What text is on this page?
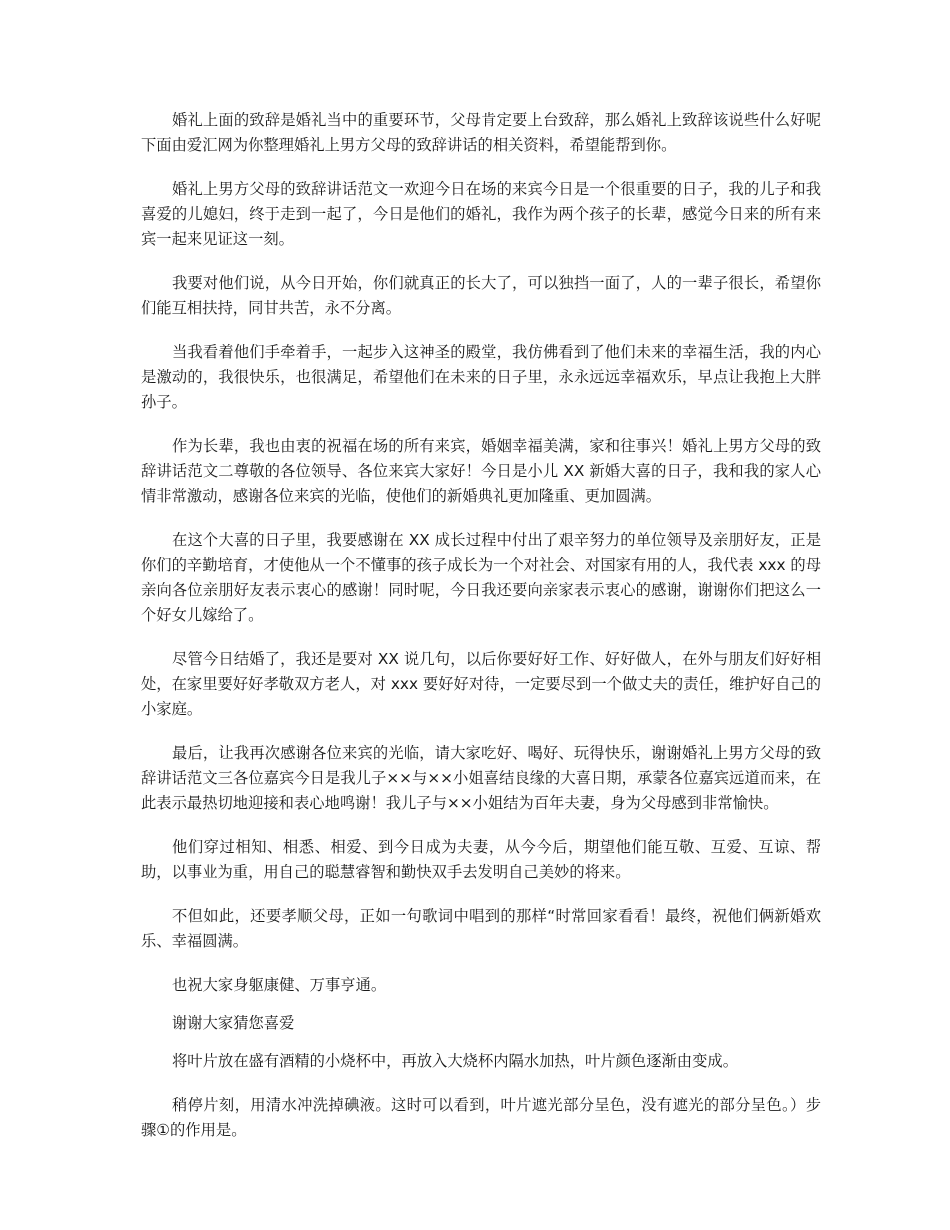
婚礼上面的致辞是婚礼当中的重要环节，父母肯定要上台致辞，那么婚礼上致辞该说些什么好呢下面由爱汇网为你整理婚礼上男方父母的致辞讲话的相关资料，希望能帮到你。

婚礼上男方父母的致辞讲话范文一欢迎今日在场的来宾今日是一个很重要的日子，我的儿子和我喜爱的儿媳妇，终于走到一起了，今日是他们的婚礼，我作为两个孩子的长辈，感觉今日来的所有来宾一起来见证这一刻。

我要对他们说，从今日开始，你们就真正的长大了，可以独挡一面了，人的一辈子很长，希望你们能互相扶持，同甘共苦，永不分离。

当我看着他们手牵着手，一起步入这神圣的殿堂，我仿佛看到了他们未来的幸福生活，我的内心是激动的，我很快乐，也很满足，希望他们在未来的日子里，永永远远幸福欢乐，早点让我抱上大胖孙子。

作为长辈，我也由衷的祝福在场的所有来宾，婚姻幸福美满，家和往事兴！婚礼上男方父母的致辞讲话范文二尊敬的各位领导、各位来宾大家好！今日是小儿 XX 新婚大喜的日子，我和我的家人心情非常激动，感谢各位来宾的光临，使他们的新婚典礼更加隆重、更加圆满。

在这个大喜的日子里，我要感谢在 XX 成长过程中付出了艰辛努力的单位领导及亲朋好友，正是你们的辛勤培育，才使他从一个不懂事的孩子成长为一个对社会、对国家有用的人，我代表 xxx 的母亲向各位亲朋好友表示衷心的感谢！同时呢，今日我还要向亲家表示衷心的感谢，谢谢你们把这么一个好女儿嫁给了。

尽管今日结婚了，我还是要对 XX 说几句，以后你要好好工作、好好做人，在外与朋友们好好相处，在家里要好好孝敬双方老人，对 xxx 要好好对待，一定要尽到一个做丈夫的责任，维护好自己的小家庭。

最后，让我再次感谢各位来宾的光临，请大家吃好、喝好、玩得快乐，谢谢婚礼上男方父母的致辞讲话范文三各位嘉宾今日是我儿子××与××小姐喜结良缘的大喜日期，承蒙各位嘉宾远道而来，在此表示最热切地迎接和表心地鸣谢！我儿子与××小姐结为百年夫妻，身为父母感到非常愉快。

他们穿过相知、相悉、相爱、到今日成为夫妻，从今今后，期望他们能互敬、互爱、互谅、帮助，以事业为重，用自己的聪慧睿智和勤快双手去发明自己美妙的将来。

不但如此，还要孝顺父母，正如一句歌词中唱到的那样“时常回家看看！最终，祝他们俩新婚欢乐、幸福圆满。

也祝大家身躯康健、万事亨通。

谢谢大家猜您喜爱

将叶片放在盛有酒精的小烧杯中，再放入大烧杯内隔水加热，叶片颜色逐渐由变成。

稍停片刻，用清水冲洗掉碘液。这时可以看到，叶片遮光部分呈色，没有遮光的部分呈色。）步骤①的作用是。
